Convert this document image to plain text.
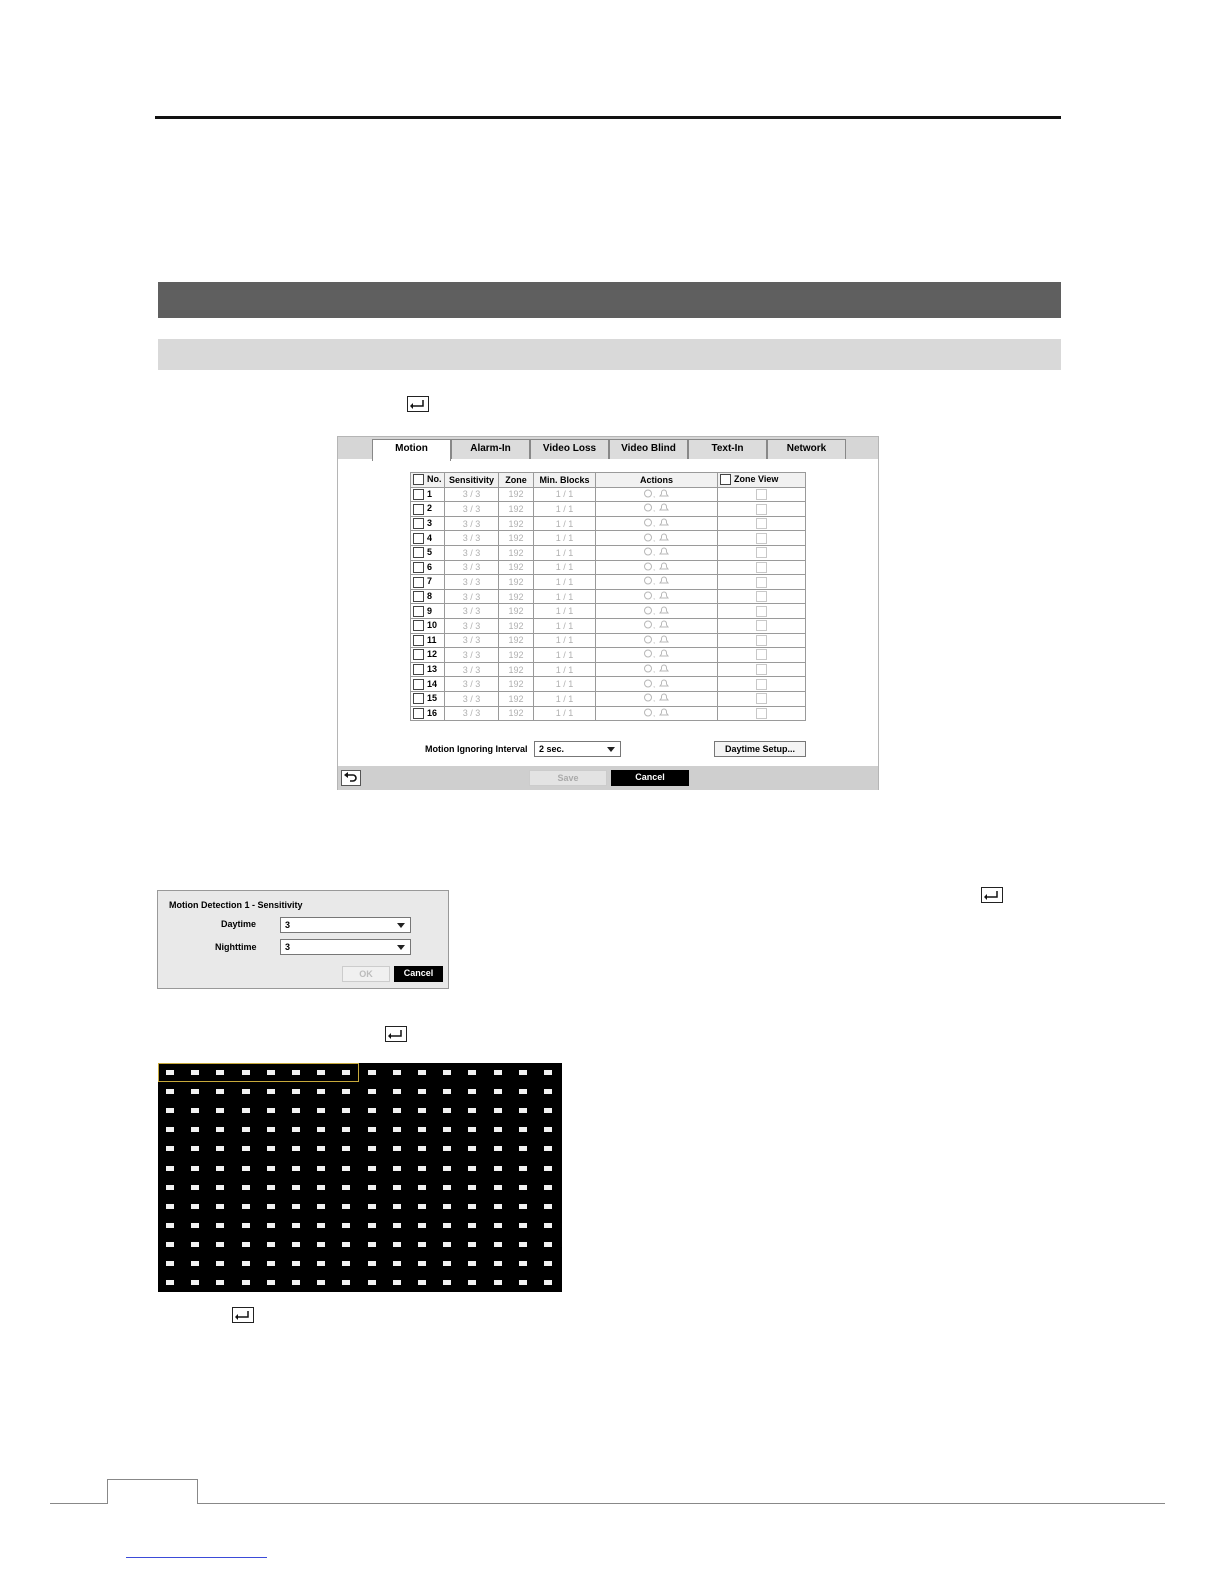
Motion	Alarm-In	Video Loss	Video Blind	Text-In	Network
No.	Sensitivity	Zone	Min. Blocks	Actions	Zone View
1	3 / 3	192	1 / 1	,	

2	3 / 3	192	1 / 1	,	

3	3 / 3	192	1 / 1	,	

4	3 / 3	192	1 / 1	,	

5	3 / 3	192	1 / 1	,	

6	3 / 3	192	1 / 1	,	

7	3 / 3	192	1 / 1	,	

8	3 / 3	192	1 / 1	,	

9	3 / 3	192	1 / 1	,	

10	3 / 3	192	1 / 1	,	

11	3 / 3	192	1 / 1	,	

12	3 / 3	192	1 / 1	,	

13	3 / 3	192	1 / 1	,	

14	3 / 3	192	1 / 1	,	

15	3 / 3	192	1 / 1	,	

16	3 / 3	192	1 / 1	,	

Motion Ignoring Interval	2 sec.	Daytime Setup...
Save	Cancel
Motion Detection 1 - Sensitivity
Daytime	3
Nighttime	3
OK	Cancel
